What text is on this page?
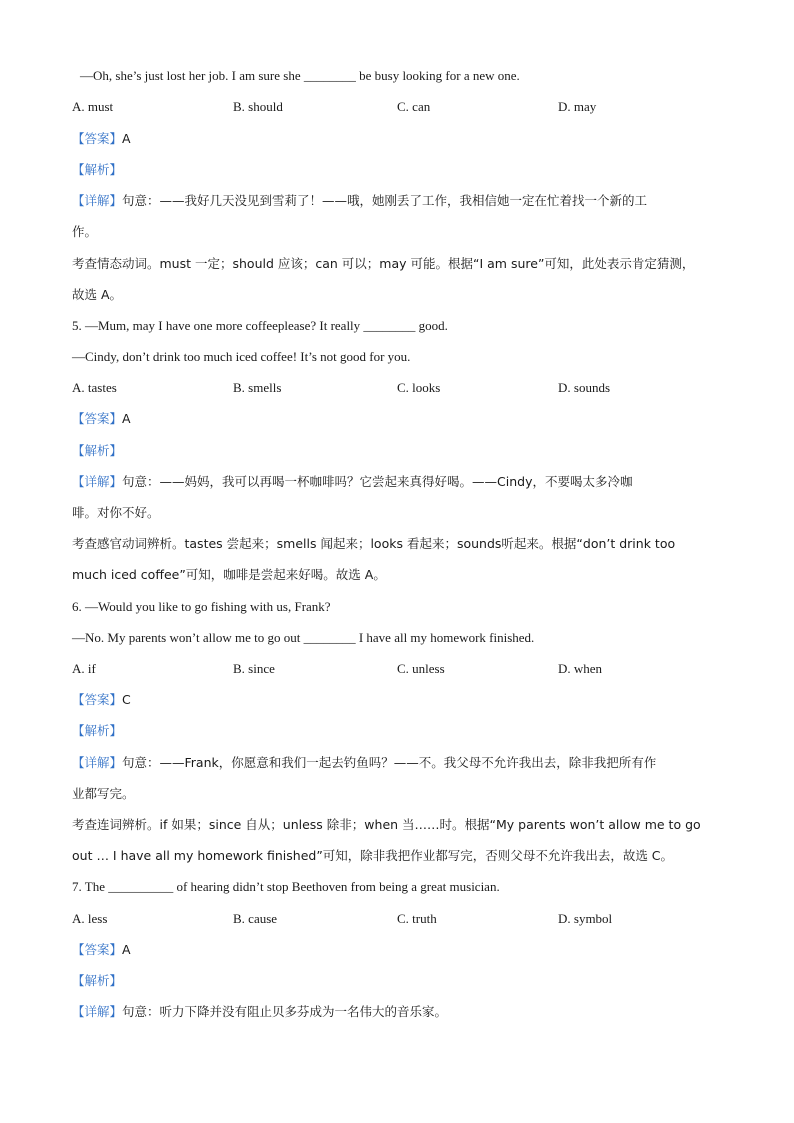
—Oh, she’s just lost her job. I am sure she ________ be busy looking for a new one.
A. must	B. should	C. can	D. may
【答案】A
【解析】
【详解】句意：——我好几天没见到雪莉了！——哦，她刚丢了工作，我相信她一定在忙着找一个新的工
作。
考查情态动词。must 一定；should 应该；can 可以；may 可能。根据“I am sure”可知，此处表示肯定猜测，
故选 A。
5. —Mum, may I have one more coffeeplease? It really ________ good.
—Cindy, don’t drink too much iced coffee! It’s not good for you.
A. tastes	B. smells	C. looks	D. sounds
【答案】A
【解析】
【详解】句意：——妈妈，我可以再喝一杯咖啡吗？它尝起来真得好喝。——Cindy，不要喝太多冷咖
啡。对你不好。
考查感官动词辨析。tastes 尝起来；smells 闻起来；looks 看起来；sounds听起来。根据“don’t drink too
much iced coffee”可知，咖啡是尝起来好喝。故选 A。
6. —Would you like to go fishing with us, Frank?
—No. My parents won’t allow me to go out ________ I have all my homework finished.
A. if	B. since	C. unless	D. when
【答案】C
【解析】
【详解】句意：——Frank，你愿意和我们一起去钓鱼吗？——不。我父母不允许我出去，除非我把所有作
业都写完。
考查连词辨析。if 如果；since 自从；unless 除非；when 当……时。根据“My parents won’t allow me to go
out … I have all my homework finished”可知，除非我把作业都写完，否则父母不允许我出去，故选 C。
7. The __________ of hearing didn’t stop Beethoven from being a great musician.
A. less	B. cause	C. truth	D. symbol
【答案】A
【解析】
【详解】句意：听力下降并没有阻止贝多芬成为一名伟大的音乐家。
